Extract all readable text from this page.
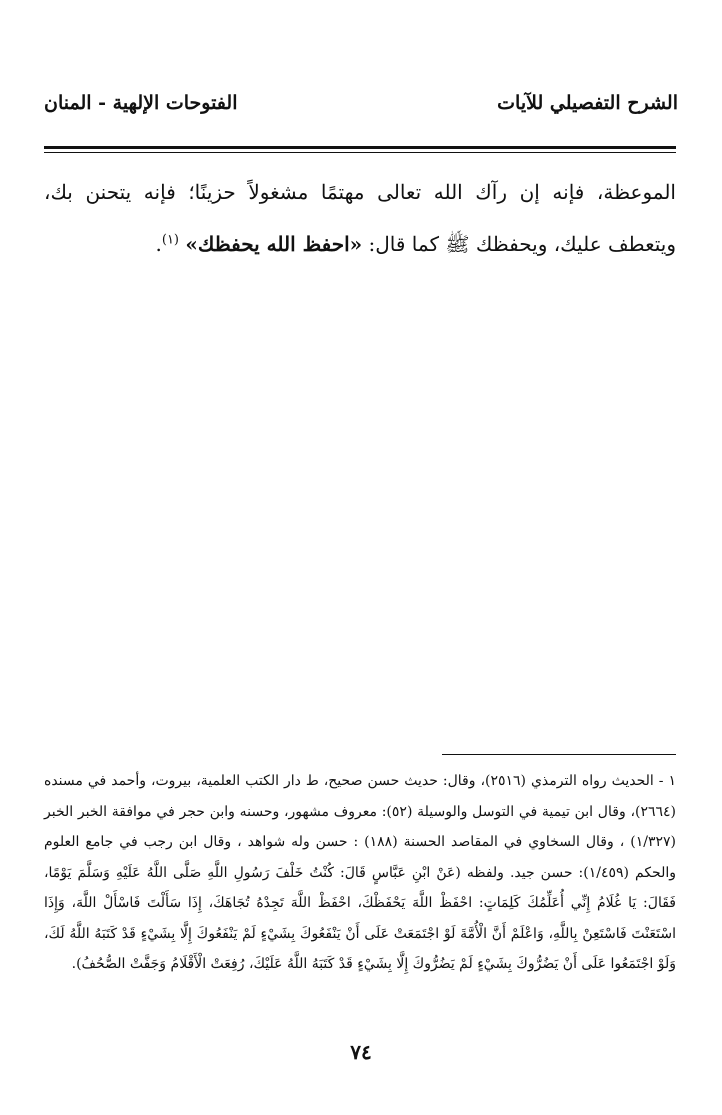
الشرح التفصيلي للآيات
الفتوحات الإلهية - المنان

الموعظة، فإنه إن رآك الله تعالى مهتمًا مشغولاً حزينًا؛ فإنه يتحنن بك، ويتعطف عليك، ويحفظك ﷺ كما قال: «احفظ الله يحفظك» $^{(١)}$.

١ - الحديث رواه الترمذي (٢٥١٦)، وقال: حديث حسن صحيح، ط دار الكتب العلمية، بيروت، وأحمد في مسنده (٢٦٦٤)، وقال ابن تيمية في التوسل والوسيلة (٥٢): معروف مشهور، وحسنه وابن حجر في موافقة الخبر الخبر (١/٣٢٧) ، وقال السخاوي في المقاصد الحسنة (١٨٨) : حسن وله شواهد ، وقال ابن رجب في جامع العلوم والحكم (١/٤٥٩): حسن جيد. ولفظه (عَنْ ابْنِ عَبَّاسٍ قَالَ: كُنْتُ خَلْفَ رَسُولِ اللَّهِ صَلَّى اللَّهُ عَلَيْهِ وَسَلَّمَ يَوْمًا، فَقَالَ: يَا غُلَامُ إِنِّي أُعَلِّمُكَ كَلِمَاتٍ: احْفَظْ اللَّهَ يَحْفَظْكَ، احْفَظْ اللَّهَ تَجِدْهُ تُجَاهَكَ، إِذَا سَأَلْتَ فَاسْأَلْ اللَّهَ، وَإِذَا اسْتَعَنْتَ فَاسْتَعِنْ بِاللَّهِ، وَاعْلَمْ أَنَّ الْأُمَّةَ لَوْ اجْتَمَعَتْ عَلَى أَنْ يَنْفَعُوكَ بِشَيْءٍ لَمْ يَنْفَعُوكَ إِلَّا بِشَيْءٍ قَدْ كَتَبَهُ اللَّهُ لَكَ، وَلَوْ اجْتَمَعُوا عَلَى أَنْ يَضُرُّوكَ بِشَيْءٍ لَمْ يَضُرُّوكَ إِلَّا بِشَيْءٍ قَدْ كَتَبَهُ اللَّهُ عَلَيْكَ، رُفِعَتْ الْأَقْلَامُ وَجَفَّتْ الصُّحُفُ).

٧٤
